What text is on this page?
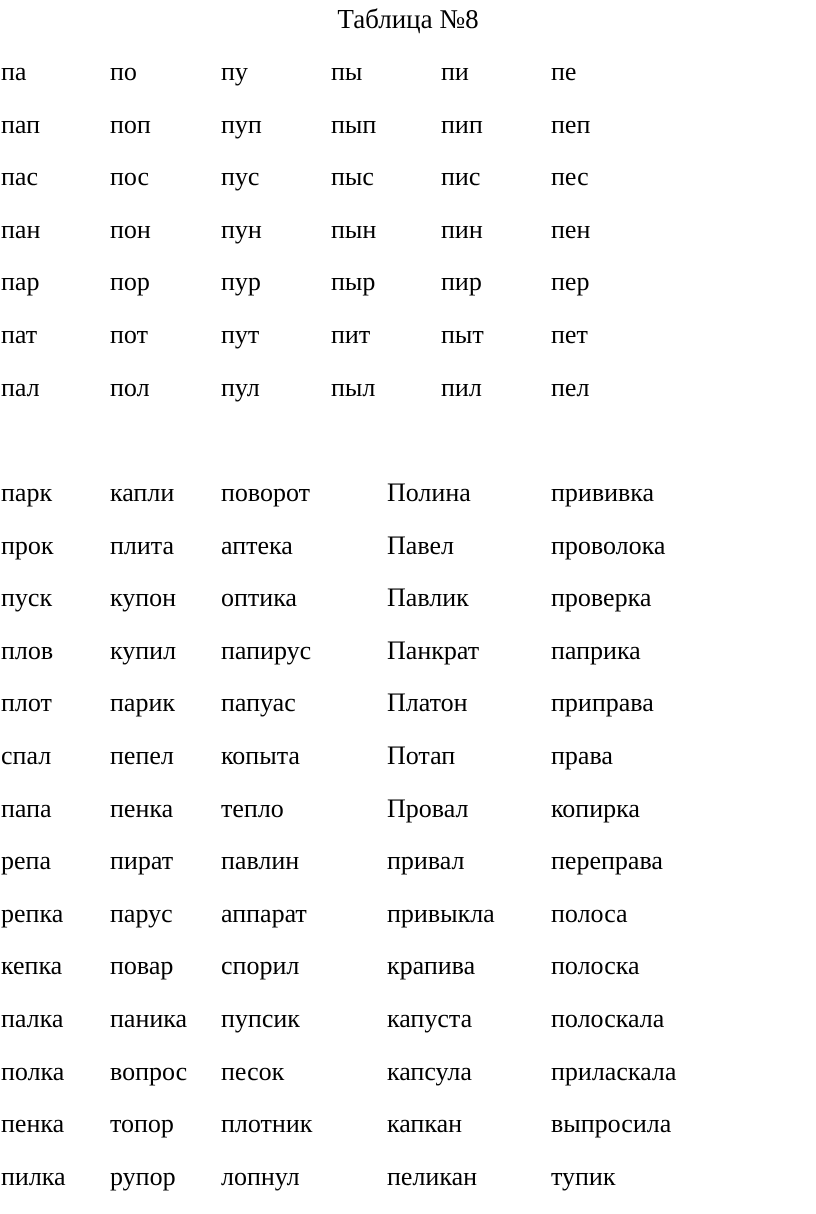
Таблица №8
па	по	пу	пы	пи	пе
пап	поп	пуп	пып пип	пеп
пас	пос	пус	пыс	пис	пес
пан	пон	пун	пын пин	пен
пар	пор	пур	пыр	пир	пер
пат	пот	пут	пит	пыт	пет
пал	пол	пул	пыл	пил	пел
парк капли поворот	Полина	прививка
прок плита аптека	Павел	проволока
пуск купон оптика	Павлик	проверка
плов купил папирус	Панкрат	паприка
плот парик папуас	Платон	приправа
спал пепел копыта	Потап	права
папа пенка тепло	Провал	копирка
репа пират павлин	привал	переправа
репка парус аппарат	привыкла полоса
кепка повар спорил	крапива	полоска
палка паника пупсик	капуста	полоскала
полка вопрос песок	капсула	приласкала
пенка топор плотник	капкан	выпросила
пилка рупор лопнул	пеликан	тупик
